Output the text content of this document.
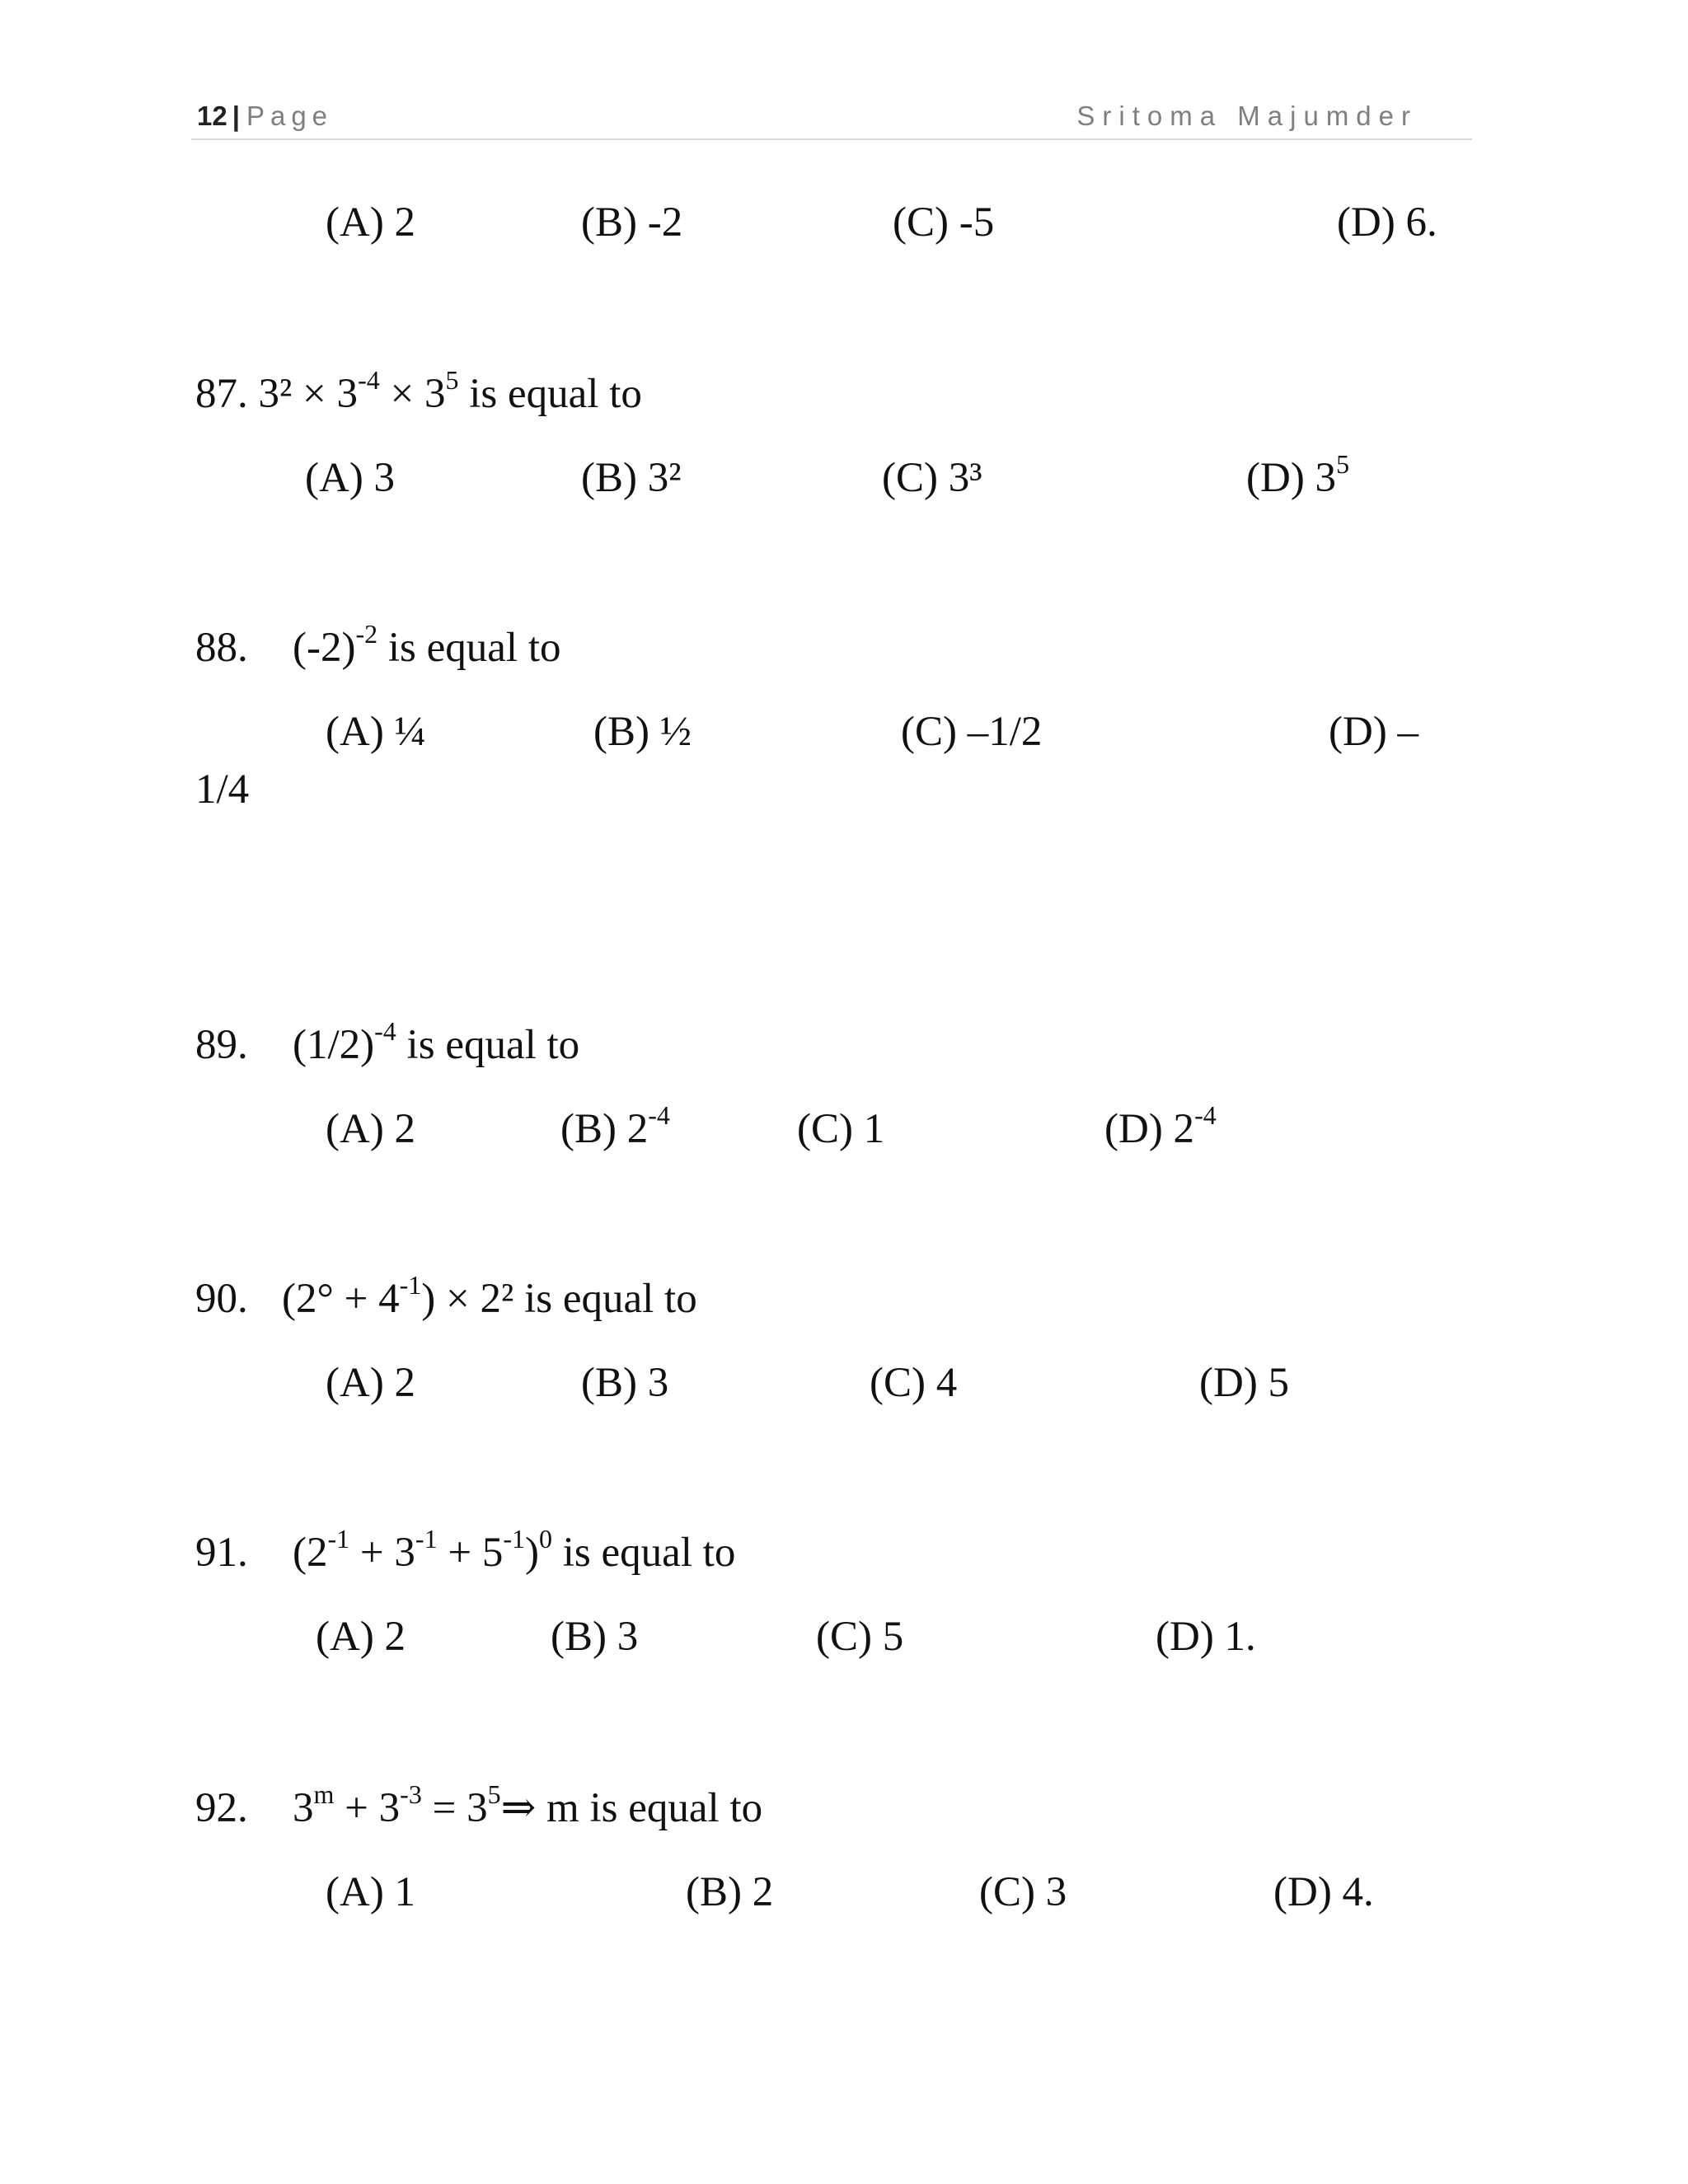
12 | Page	Sritoma Majumder
(A) 2	(B) -2	(C) -5	(D) 6.
87. $3^2 \times 3^{-4} \times 3^5$ is equal to
(A) 3	(B) 3²	(C) 3³	(D) $3^5$
88. $(-2)^{-2}$ is equal to
(A) ¼	(B) ½	(C) –1/2	(D) –
1/4
89. $(1/2)^{-4}$ is equal to
(A) 2	(B) $2^{-4}$	(C) 1	(D) $2^{-4}$
90. $(2^\circ + 4^{-1}) \times 2^2$ is equal to
(A) 2	(B) 3	(C) 4	(D) 5
91. $(2^{-1} + 3^{-1} + 5^{-1})^0$ is equal to
(A) 2	(B) 3	(C) 5	(D) 1.
92. $3^m + 3^{-3}$ = $3^5\Rightarrow$ m is equal to
(A) 1	(B) 2	(C) 3	(D) 4.
